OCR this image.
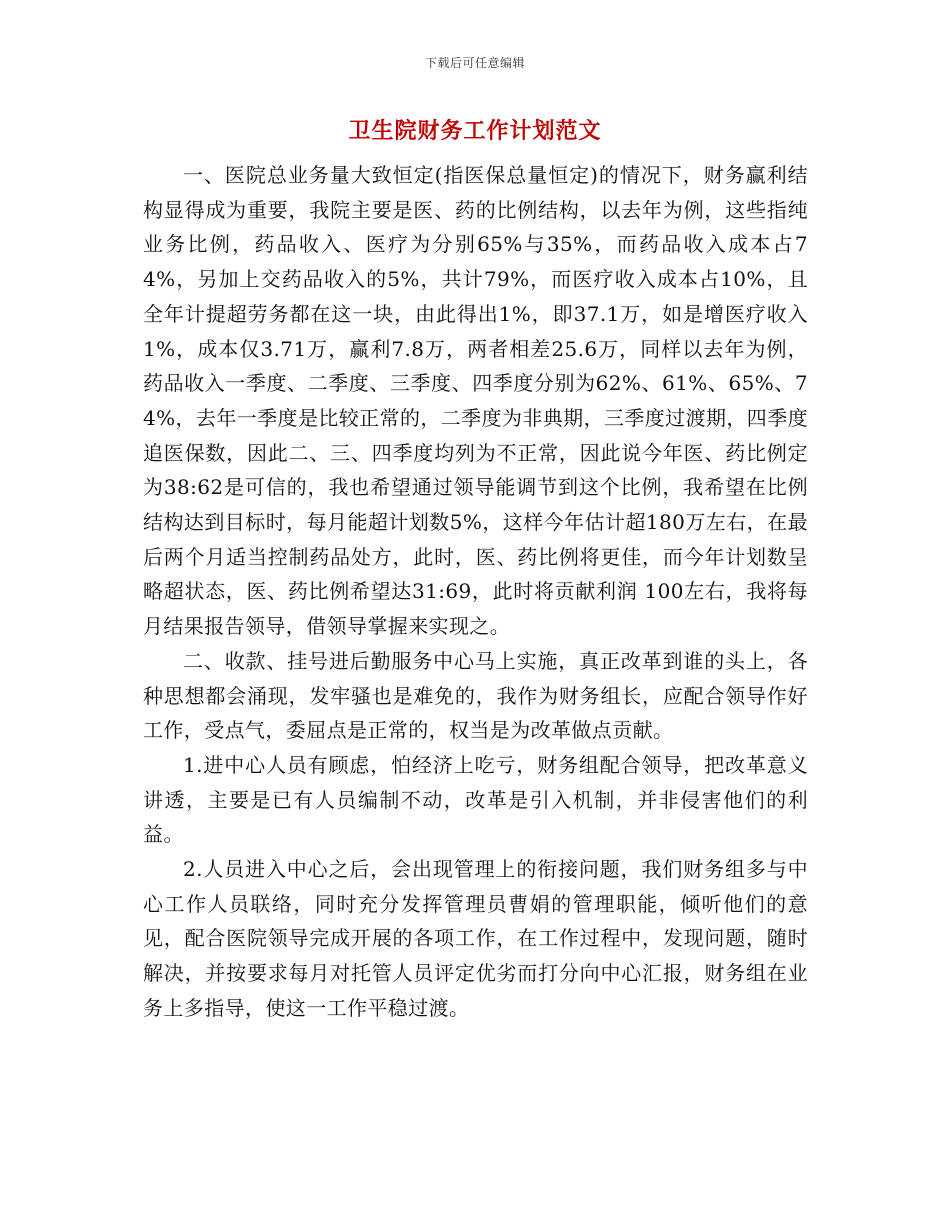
下载后可任意编辑
卫生院财务工作计划范文

一、医院总业务量大致恒定(指医保总量恒定)的情况下，财务赢利结构显得成为重要，我院主要是医、药的比例结构，以去年为例，这些指纯业务比例，药品收入、医疗为分别65%与35%，而药品收入成本占74%，另加上交药品收入的5%，共计79%，而医疗收入成本占10%，且全年计提超劳务都在这一块，由此得出1%，即37.1万，如是增医疗收入1%，成本仅3.71万，赢利7.8万，两者相差25.6万，同样以去年为例，药品收入一季度、二季度、三季度、四季度分别为62%、61%、65%、74%，去年一季度是比较正常的，二季度为非典期，三季度过渡期，四季度追医保数，因此二、三、四季度均列为不正常，因此说今年医、药比例定为38:62是可信的，我也希望通过领导能调节到这个比例，我希望在比例结构达到目标时，每月能超计划数5%，这样今年估计超180万左右，在最后两个月适当控制药品处方，此时，医、药比例将更佳，而今年计划数呈略超状态，医、药比例希望达31:69，此时将贡献利润 100左右，我将每月结果报告领导，借领导掌握来实现之。

二、收款、挂号进后勤服务中心马上实施，真正改革到谁的头上，各种思想都会涌现，发牢骚也是难免的，我作为财务组长，应配合领导作好工作，受点气，委屈点是正常的，权当是为改革做点贡献。

1.进中心人员有顾虑，怕经济上吃亏，财务组配合领导，把改革意义讲透，主要是已有人员编制不动，改革是引入机制，并非侵害他们的利益。

2.人员进入中心之后，会出现管理上的衔接问题，我们财务组多与中心工作人员联络，同时充分发挥管理员曹娟的管理职能，倾听他们的意见，配合医院领导完成开展的各项工作，在工作过程中，发现问题，随时解决，并按要求每月对托管人员评定优劣而打分向中心汇报，财务组在业务上多指导，使这一工作平稳过渡。
